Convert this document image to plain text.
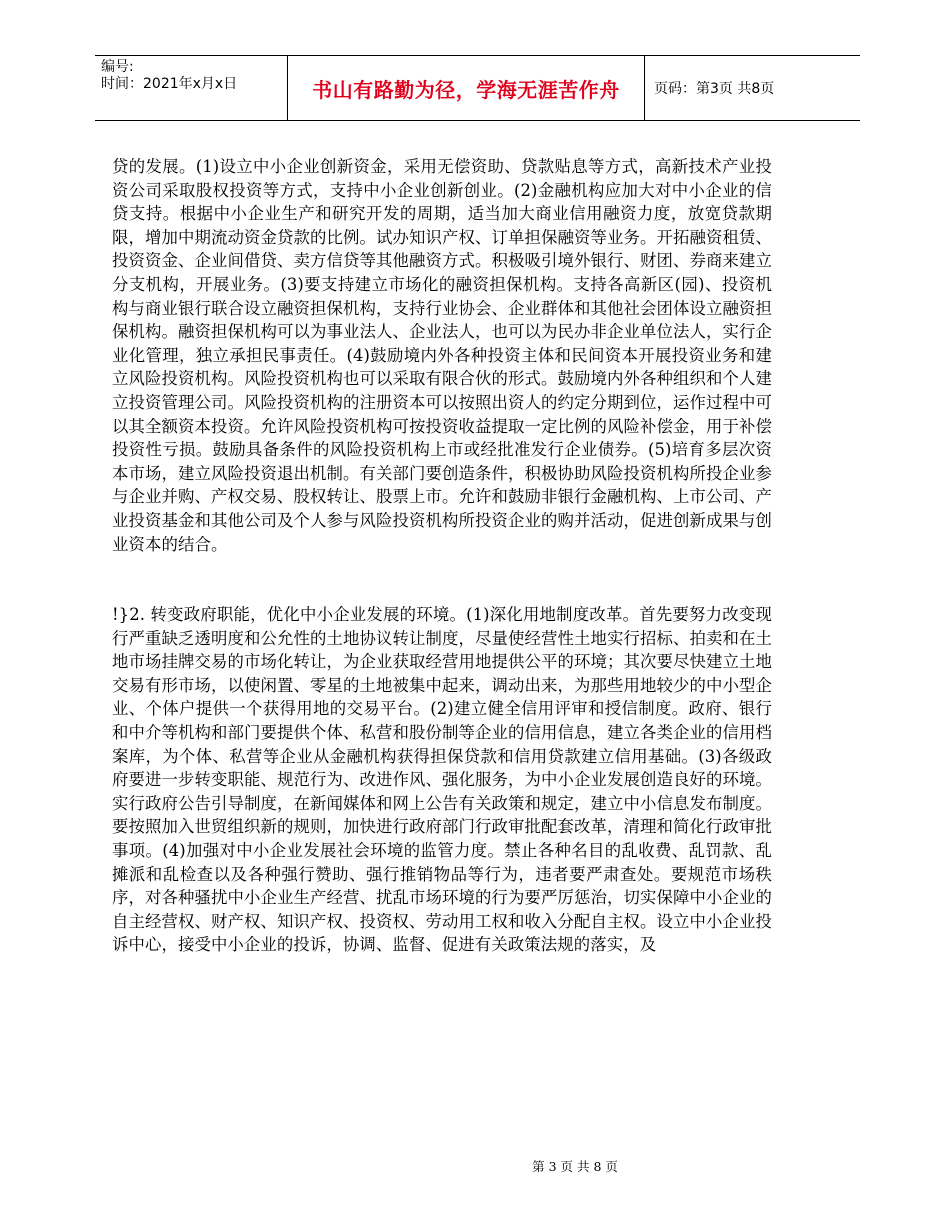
编号:
时间：2021年x月x日	书山有路勤为径，学海无涯苦作舟	页码：第3页 共8页

贷的发展。(1)设立中小企业创新资金，采用无偿资助、贷款贴息等方式，高新技术产业投资公司采取股权投资等方式，支持中小企业创新创业。(2)金融机构应加大对中小企业的信贷支持。根据中小企业生产和研究开发的周期，适当加大商业信用融资力度，放宽贷款期限，增加中期流动资金贷款的比例。试办知识产权、订单担保融资等业务。开拓融资租赁、投资资金、企业间借贷、卖方信贷等其他融资方式。积极吸引境外银行、财团、券商来建立分支机构，开展业务。(3)要支持建立市场化的融资担保机构。支持各高新区(园)、投资机构与商业银行联合设立融资担保机构，支持行业协会、企业群体和其他社会团体设立融资担保机构。融资担保机构可以为事业法人、企业法人，也可以为民办非企业单位法人，实行企业化管理，独立承担民事责任。(4)鼓励境内外各种投资主体和民间资本开展投资业务和建立风险投资机构。风险投资机构也可以采取有限合伙的形式。鼓励境内外各种组织和个人建立投资管理公司。风险投资机构的注册资本可以按照出资人的约定分期到位，运作过程中可以其全额资本投资。允许风险投资机构可按投资收益提取一定比例的风险补偿金，用于补偿投资性亏损。鼓励具备条件的风险投资机构上市或经批准发行企业债券。(5)培育多层次资本市场，建立风险投资退出机制。有关部门要创造条件，积极协助风险投资机构所投企业参与企业并购、产权交易、股权转让、股票上市。允许和鼓励非银行金融机构、上市公司、产业投资基金和其他公司及个人参与风险投资机构所投资企业的购并活动，促进创新成果与创业资本的结合。

!}2. 转变政府职能，优化中小企业发展的环境。(1)深化用地制度改革。首先要努力改变现行严重缺乏透明度和公允性的土地协议转让制度，尽量使经营性土地实行招标、拍卖和在土地市场挂牌交易的市场化转让，为企业获取经营用地提供公平的环境；其次要尽快建立土地交易有形市场，以使闲置、零星的土地被集中起来，调动出来，为那些用地较少的中小型企业、个体户提供一个获得用地的交易平台。(2)建立健全信用评审和授信制度。政府、银行和中介等机构和部门要提供个体、私营和股份制等企业的信用信息，建立各类企业的信用档案库，为个体、私营等企业从金融机构获得担保贷款和信用贷款建立信用基础。(3)各级政府要进一步转变职能、规范行为、改进作风、强化服务，为中小企业发展创造良好的环境。实行政府公告引导制度，在新闻媒体和网上公告有关政策和规定，建立中小信息发布制度。要按照加入世贸组织新的规则，加快进行政府部门行政审批配套改革，清理和简化行政审批事项。(4)加强对中小企业发展社会环境的监管力度。禁止各种名目的乱收费、乱罚款、乱摊派和乱检查以及各种强行赞助、强行推销物品等行为，违者要严肃查处。要规范市场秩序，对各种骚扰中小企业生产经营、扰乱市场环境的行为要严厉惩治，切实保障中小企业的自主经营权、财产权、知识产权、投资权、劳动用工权和收入分配自主权。设立中小企业投诉中心，接受中小企业的投诉，协调、监督、促进有关政策法规的落实，及

第 3 页 共 8 页
